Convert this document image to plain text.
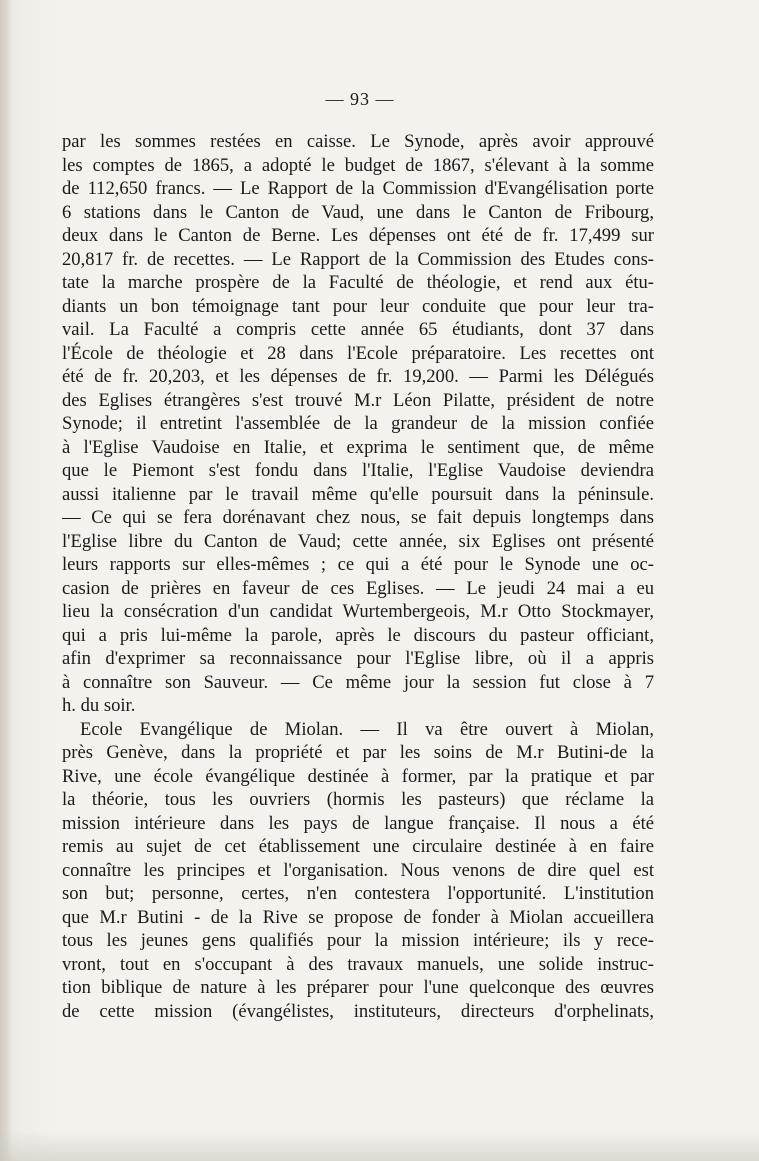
— 93 —
par les sommes restées en caisse. Le Synode, après avoir approuvé
les comptes de 1865, a adopté le budget de 1867, s'élevant à la somme
de 112,650 francs. — Le Rapport de la Commission d'Evangélisation porte
6 stations dans le Canton de Vaud, une dans le Canton de Fribourg,
deux dans le Canton de Berne. Les dépenses ont été de fr. 17,499 sur
20,817 fr. de recettes. — Le Rapport de la Commission des Etudes cons-
tate la marche prospère de la Faculté de théologie, et rend aux étu-
diants un bon témoignage tant pour leur conduite que pour leur tra-
vail. La Faculté a compris cette année 65 étudiants, dont 37 dans
l'École de théologie et 28 dans l'Ecole préparatoire. Les recettes ont
été de fr. 20,203, et les dépenses de fr. 19,200. — Parmi les Délégués
des Eglises étrangères s'est trouvé M.r Léon Pilatte, président de notre
Synode; il entretint l'assemblée de la grandeur de la mission confiée
à l'Eglise Vaudoise en Italie, et exprima le sentiment que, de même
que le Piemont s'est fondu dans l'Italie, l'Eglise Vaudoise deviendra
aussi italienne par le travail même qu'elle poursuit dans la péninsule.
— Ce qui se fera dorénavant chez nous, se fait depuis longtemps dans
l'Eglise libre du Canton de Vaud; cette année, six Eglises ont présenté
leurs rapports sur elles-mêmes ; ce qui a été pour le Synode une oc-
casion de prières en faveur de ces Eglises. — Le jeudi 24 mai a eu
lieu la consécration d'un candidat Wurtembergeois, M.r Otto Stockmayer,
qui a pris lui-même la parole, après le discours du pasteur officiant,
afin d'exprimer sa reconnaissance pour l'Eglise libre, où il a appris
à connaître son Sauveur. — Ce même jour la session fut close à 7
h. du soir.
Ecole Evangélique de Miolan. — Il va être ouvert à Miolan,
près Genève, dans la propriété et par les soins de M.r Butini-de la
Rive, une école évangélique destinée à former, par la pratique et par
la théorie, tous les ouvriers (hormis les pasteurs) que réclame la
mission intérieure dans les pays de langue française. Il nous a été
remis au sujet de cet établissement une circulaire destinée à en faire
connaître les principes et l'organisation. Nous venons de dire quel est
son but; personne, certes, n'en contestera l'opportunité. L'institution
que M.r Butini - de la Rive se propose de fonder à Miolan accueillera
tous les jeunes gens qualifiés pour la mission intérieure; ils y rece-
vront, tout en s'occupant à des travaux manuels, une solide instruc-
tion biblique de nature à les préparer pour l'une quelconque des œuvres
de cette mission (évangélistes, instituteurs, directeurs d'orphelinats,
